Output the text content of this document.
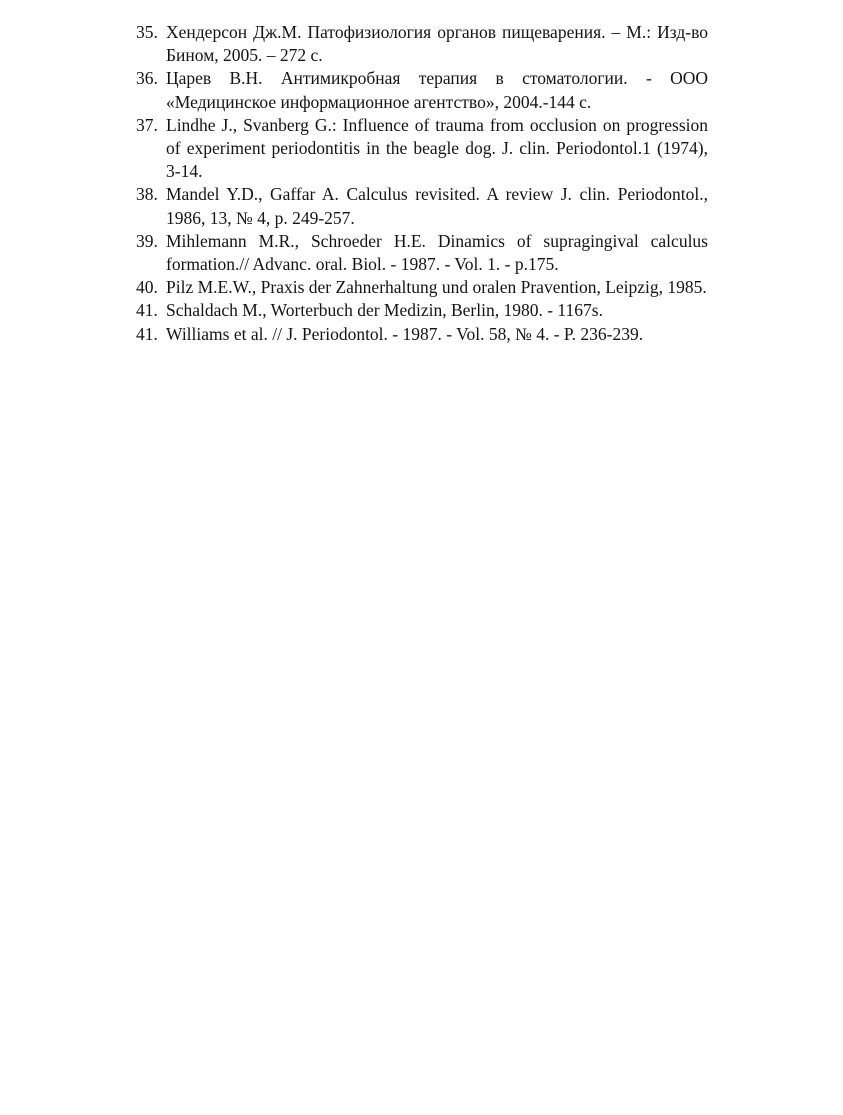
35. Хендерсон Дж.М. Патофизиология органов пищеварения. – М.: Изд-во Бином, 2005. – 272 с.
36. Царев В.Н. Антимикробная терапия в стоматологии. - ООО «Медицинское информационное агентство», 2004.-144 с.
37. Lindhe J., Svanberg G.: Influence of trauma from occlusion on progression of experiment periodontitis in the beagle dog. J. clin. Periodontol.1 (1974), 3-14.
38. Mandel Y.D., Gaffar A. Calculus revisited. A review J. clin. Periodontol., 1986, 13, № 4, p. 249-257.
39. Mihlemann M.R., Schroeder H.E. Dinamics of supragingival calculus formation.// Advanc. oral. Biol. - 1987. - Vol. 1. - p.175.
40. Pilz M.E.W., Praxis der Zahnerhaltung und oralen Pravention, Leipzig, 1985.
41. Schaldach M., Worterbuch der Medizin, Berlin, 1980. - 1167s.
41. Williams et al. // J. Periodontol. - 1987. - Vol. 58, № 4. - P. 236-239.
